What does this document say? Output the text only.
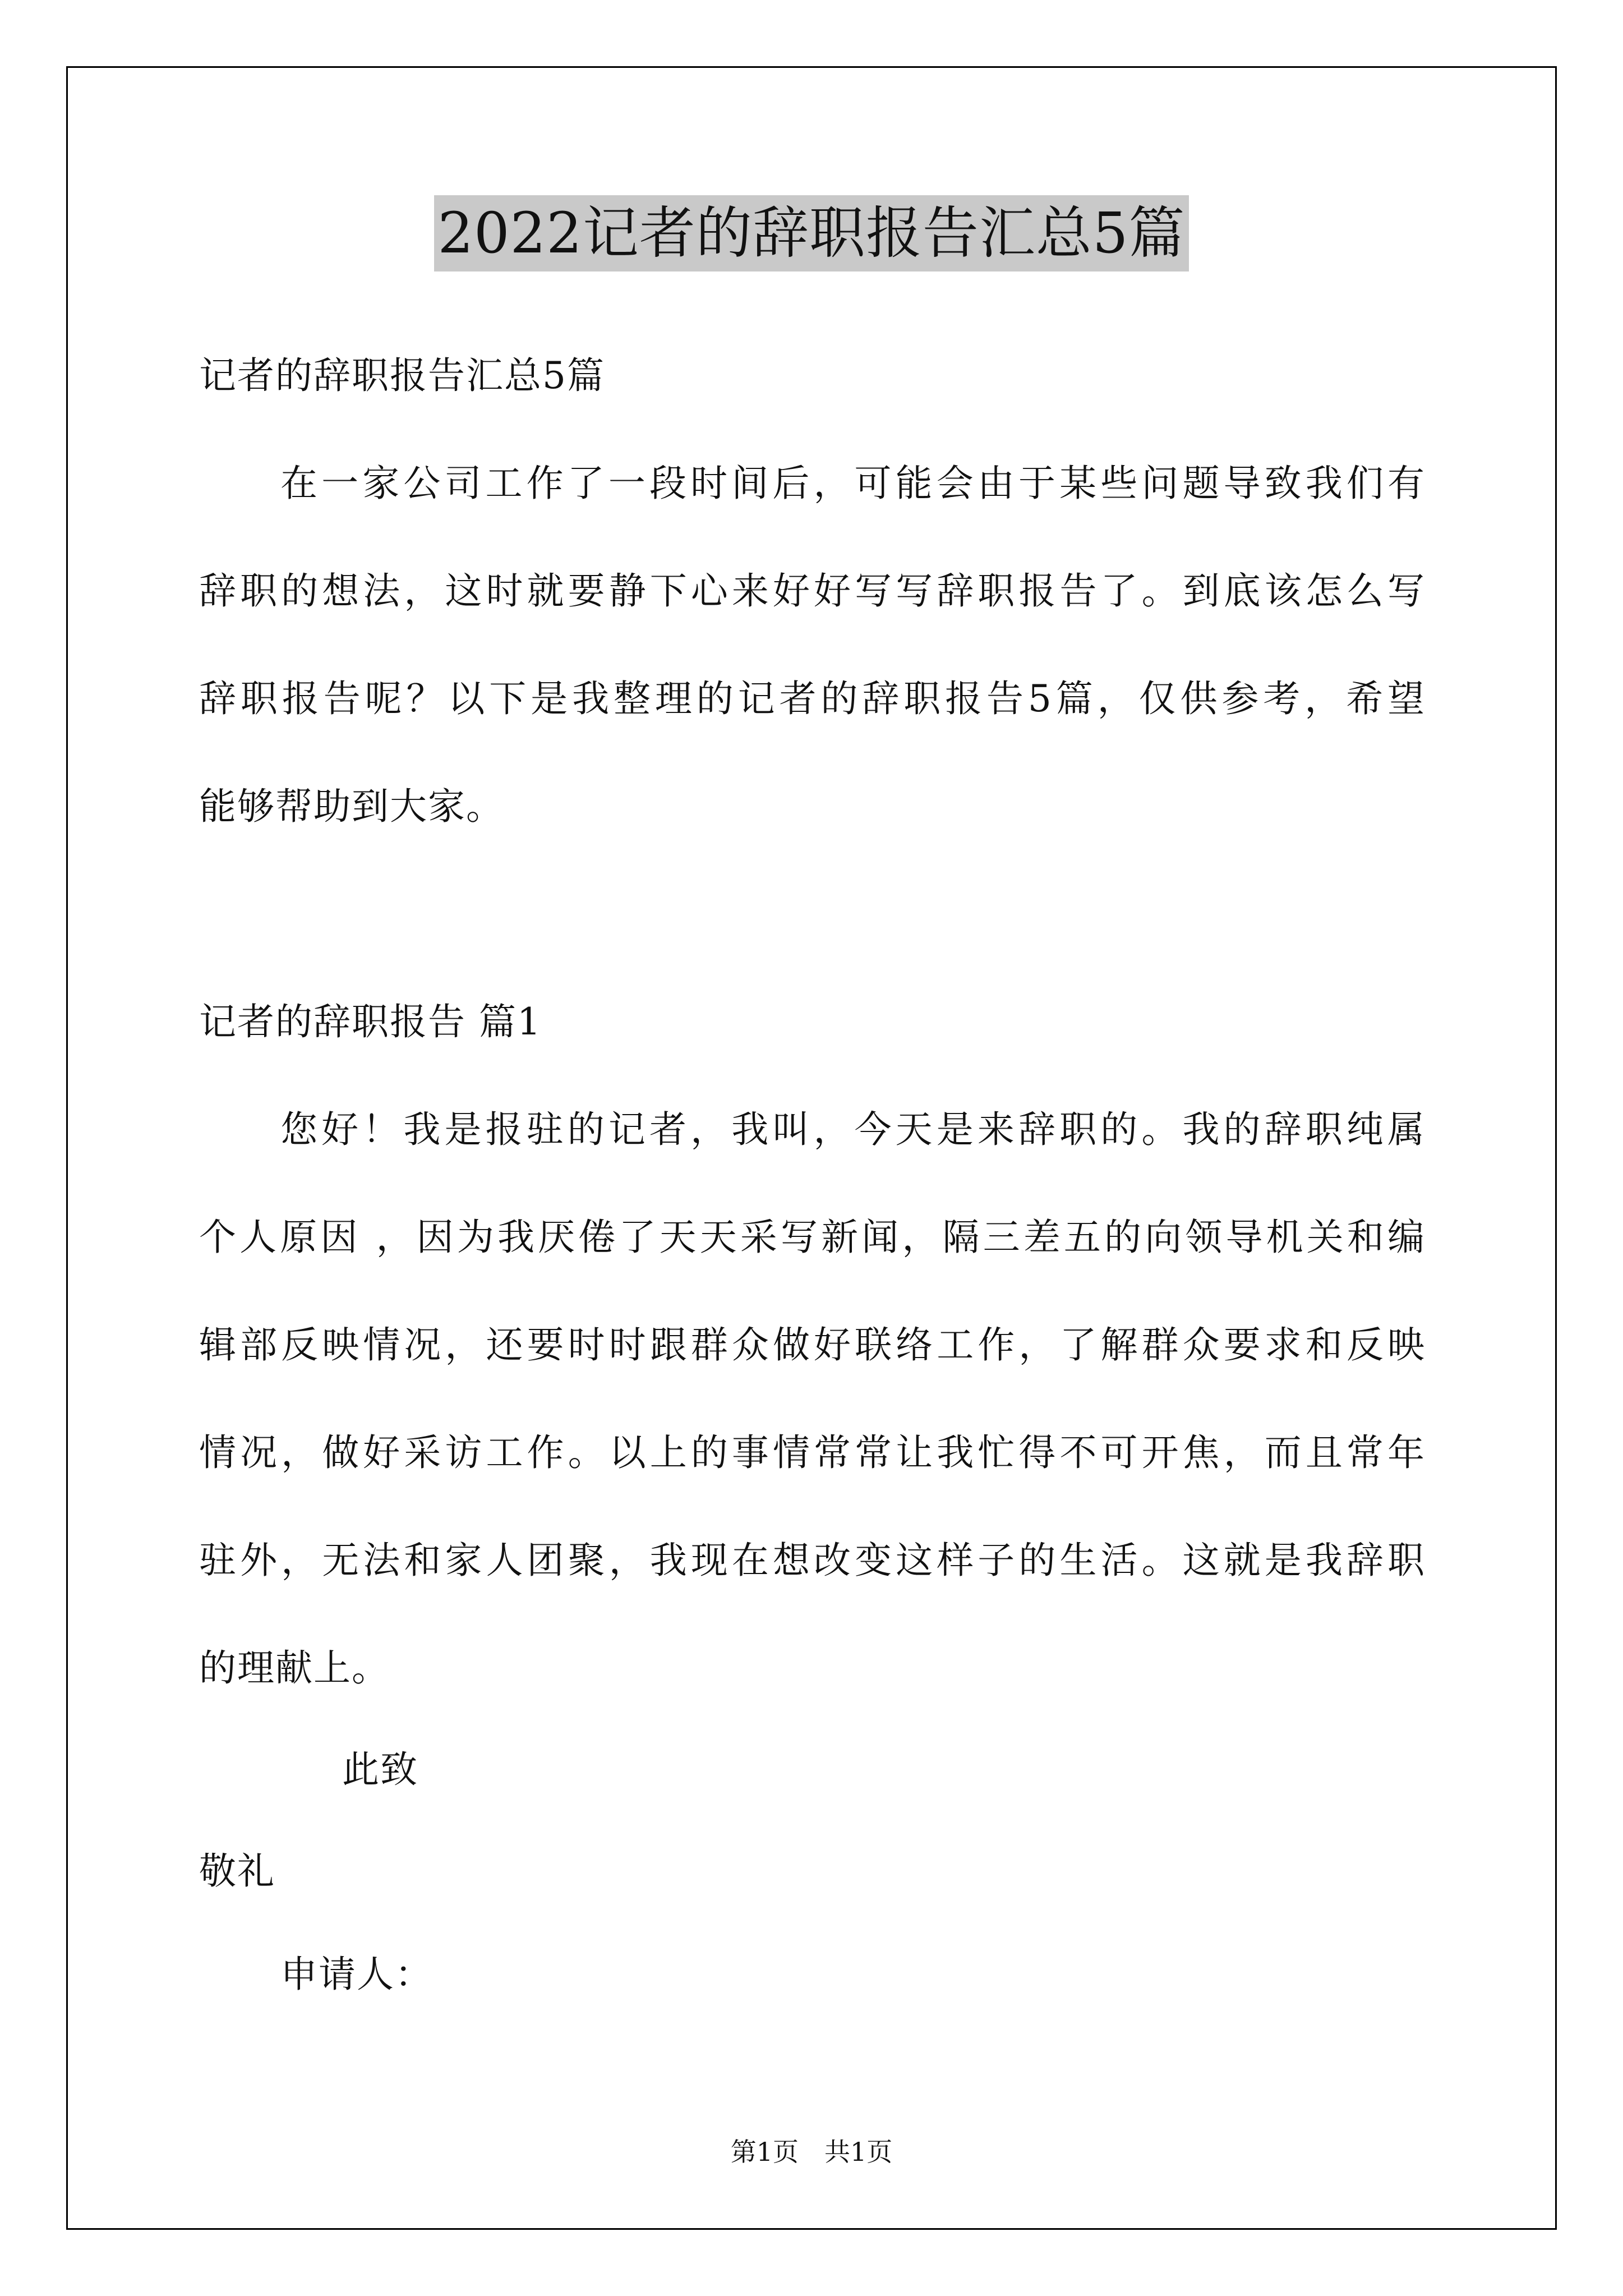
2022记者的辞职报告汇总5篇

记者的辞职报告汇总5篇

在一家公司工作了一段时间后，可能会由于某些问题导致我们有

辞职的想法，这时就要静下心来好好写写辞职报告了。到底该怎么写

辞职报告呢？以下是我整理的记者的辞职报告5篇，仅供参考，希望

能够帮助到大家。

记者的辞职报告 篇1

您好！我是报驻的记者，我叫，今天是来辞职的。我的辞职纯属

个人原因 ，因为我厌倦了天天采写新闻，隔三差五的向领导机关和编

辑部反映情况，还要时时跟群众做好联络工作，了解群众要求和反映

情况，做好采访工作。以上的事情常常让我忙得不可开焦，而且常年

驻外，无法和家人团聚，我现在想改变这样子的生活。这就是我辞职

的理献上。

此致

敬礼

申请人：

第1页　共1页
